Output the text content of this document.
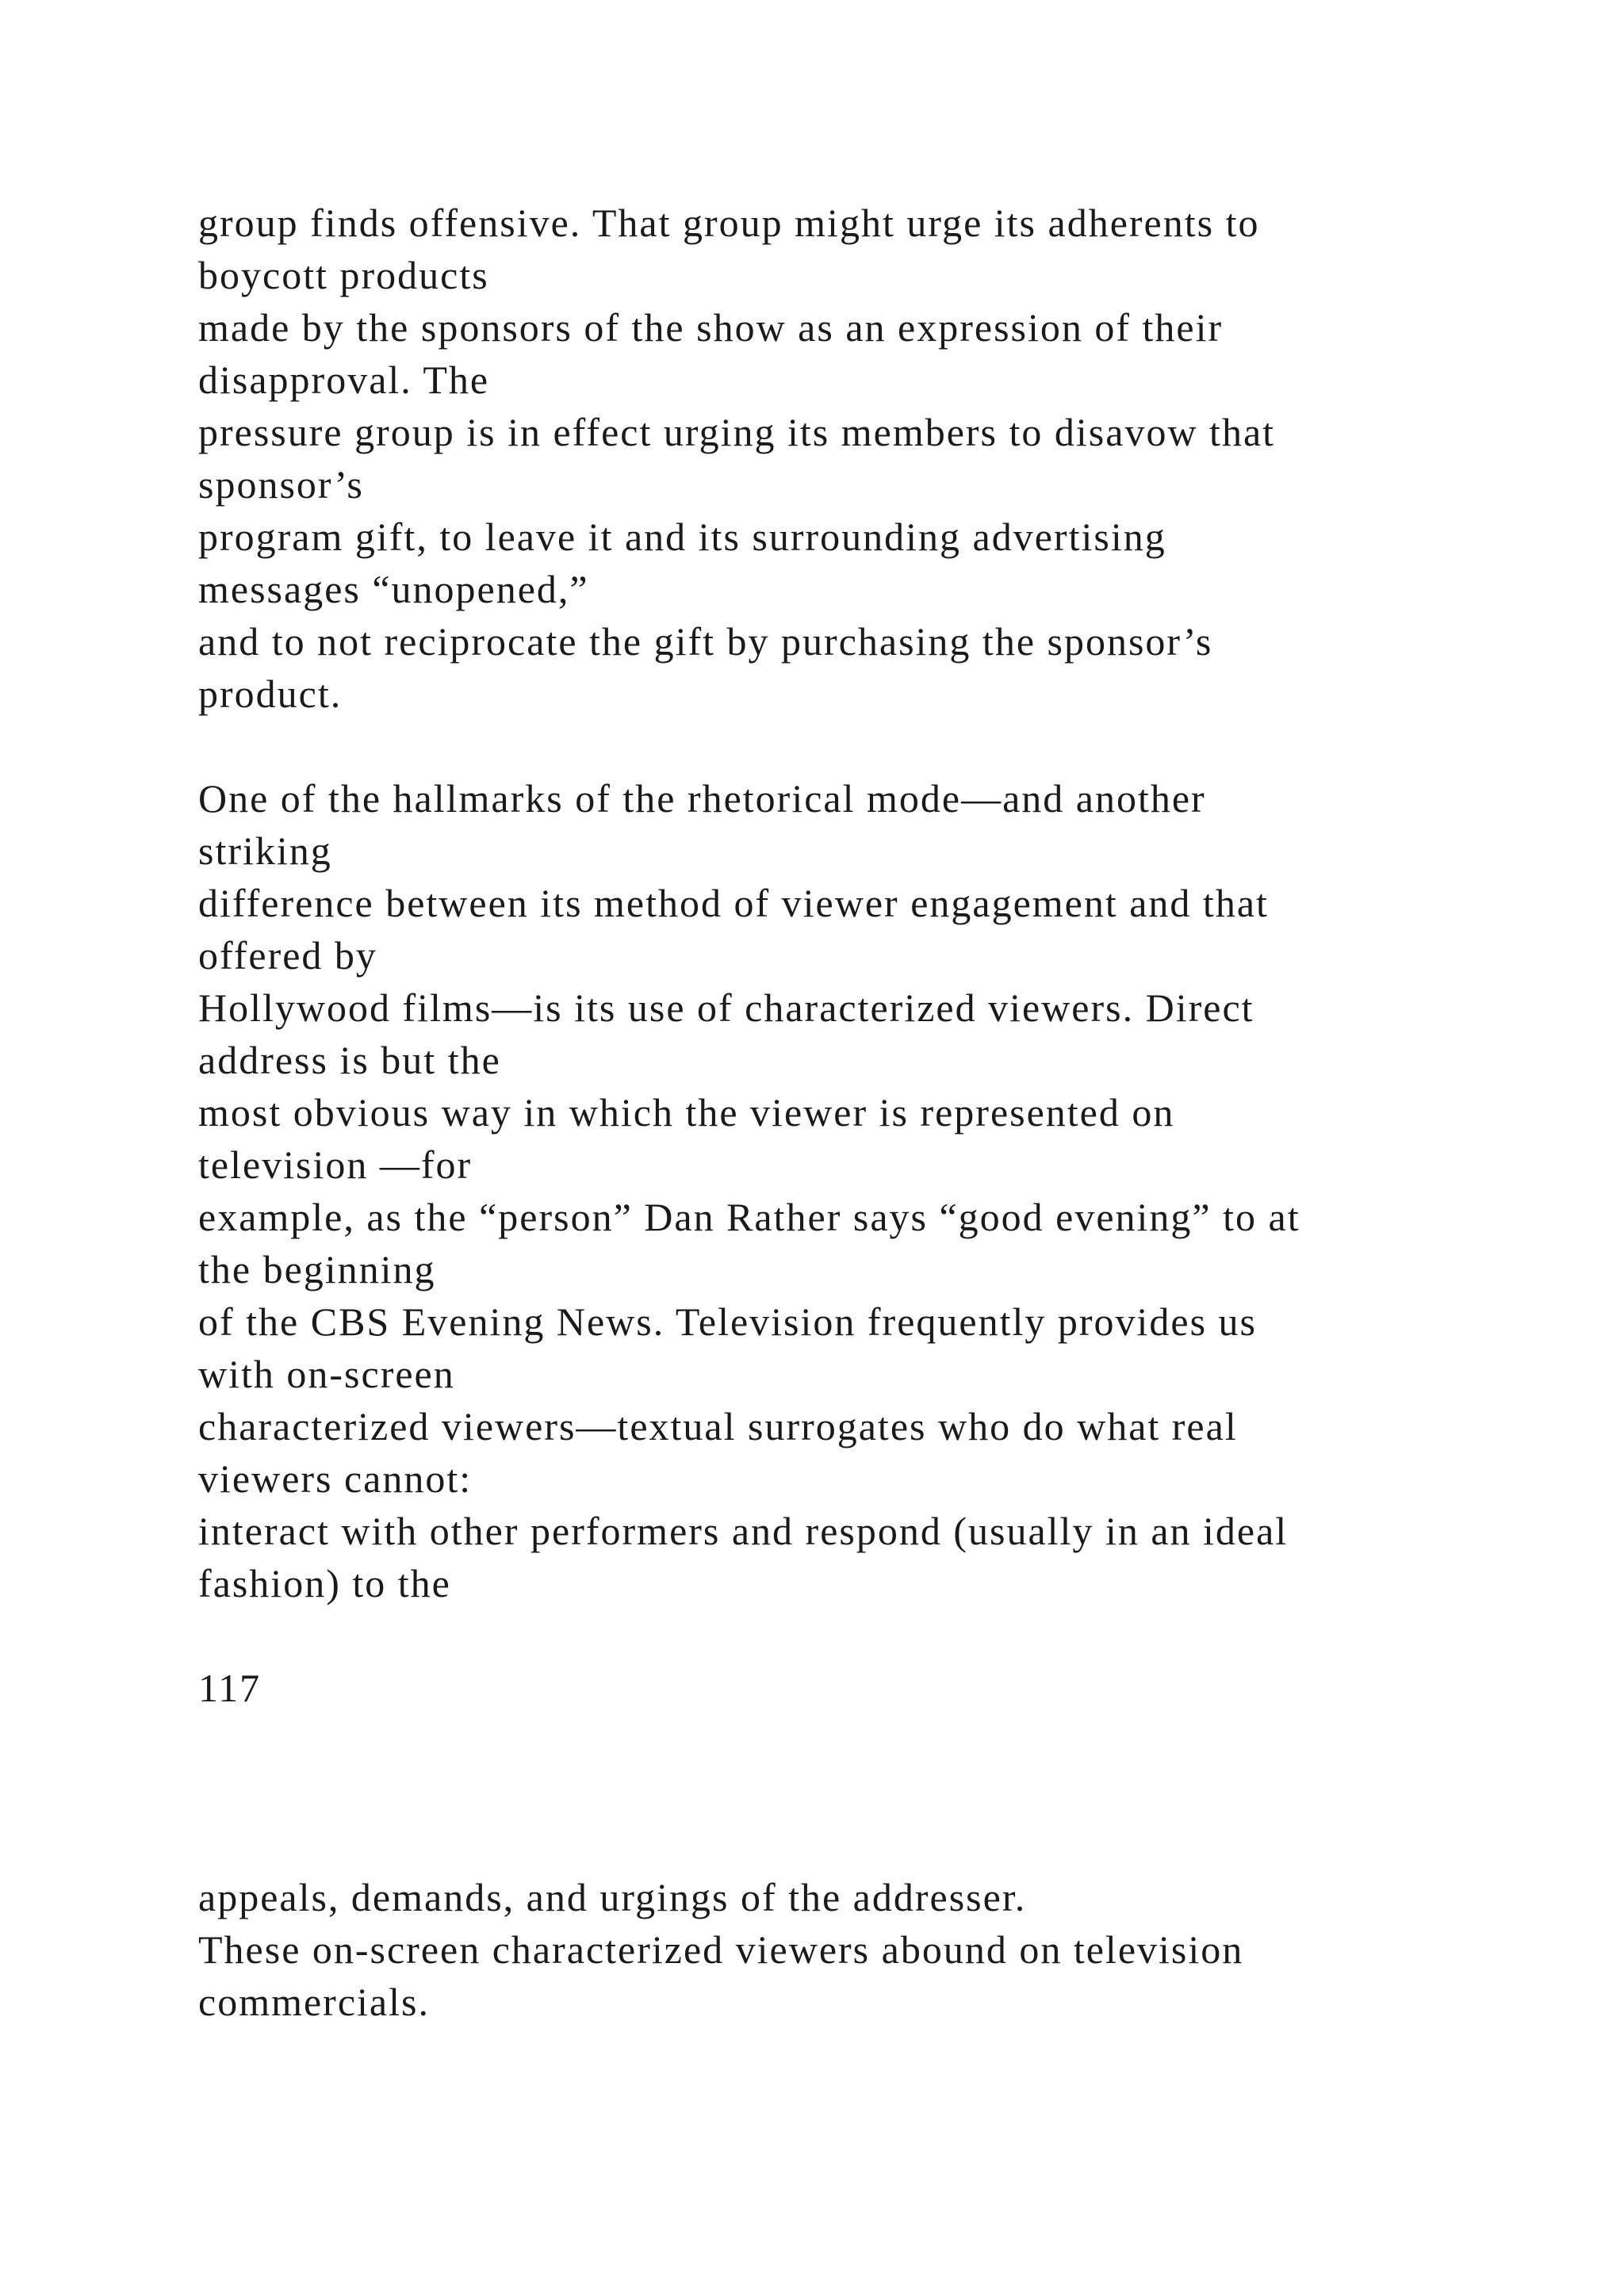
group finds offensive. That group might urge its adherents to
boycott products
made by the sponsors of the show as an expression of their
disapproval. The
pressure group is in effect urging its members to disavow that
sponsor’s
program gift, to leave it and its surrounding advertising
messages “unopened,”
and to not reciprocate the gift by purchasing the sponsor’s
product.
One of the hallmarks of the rhetorical mode—and another
striking
difference between its method of viewer engagement and that
offered by
Hollywood films—is its use of characterized viewers. Direct
address is but the
most obvious way in which the viewer is represented on
television —for
example, as the “person” Dan Rather says “good evening” to at
the beginning
of the CBS Evening News. Television frequently provides us
with on-screen
characterized viewers—textual surrogates who do what real
viewers cannot:
interact with other performers and respond (usually in an ideal
fashion) to the
117
appeals, demands, and urgings of the addresser.
These on-screen characterized viewers abound on television
commercials.
